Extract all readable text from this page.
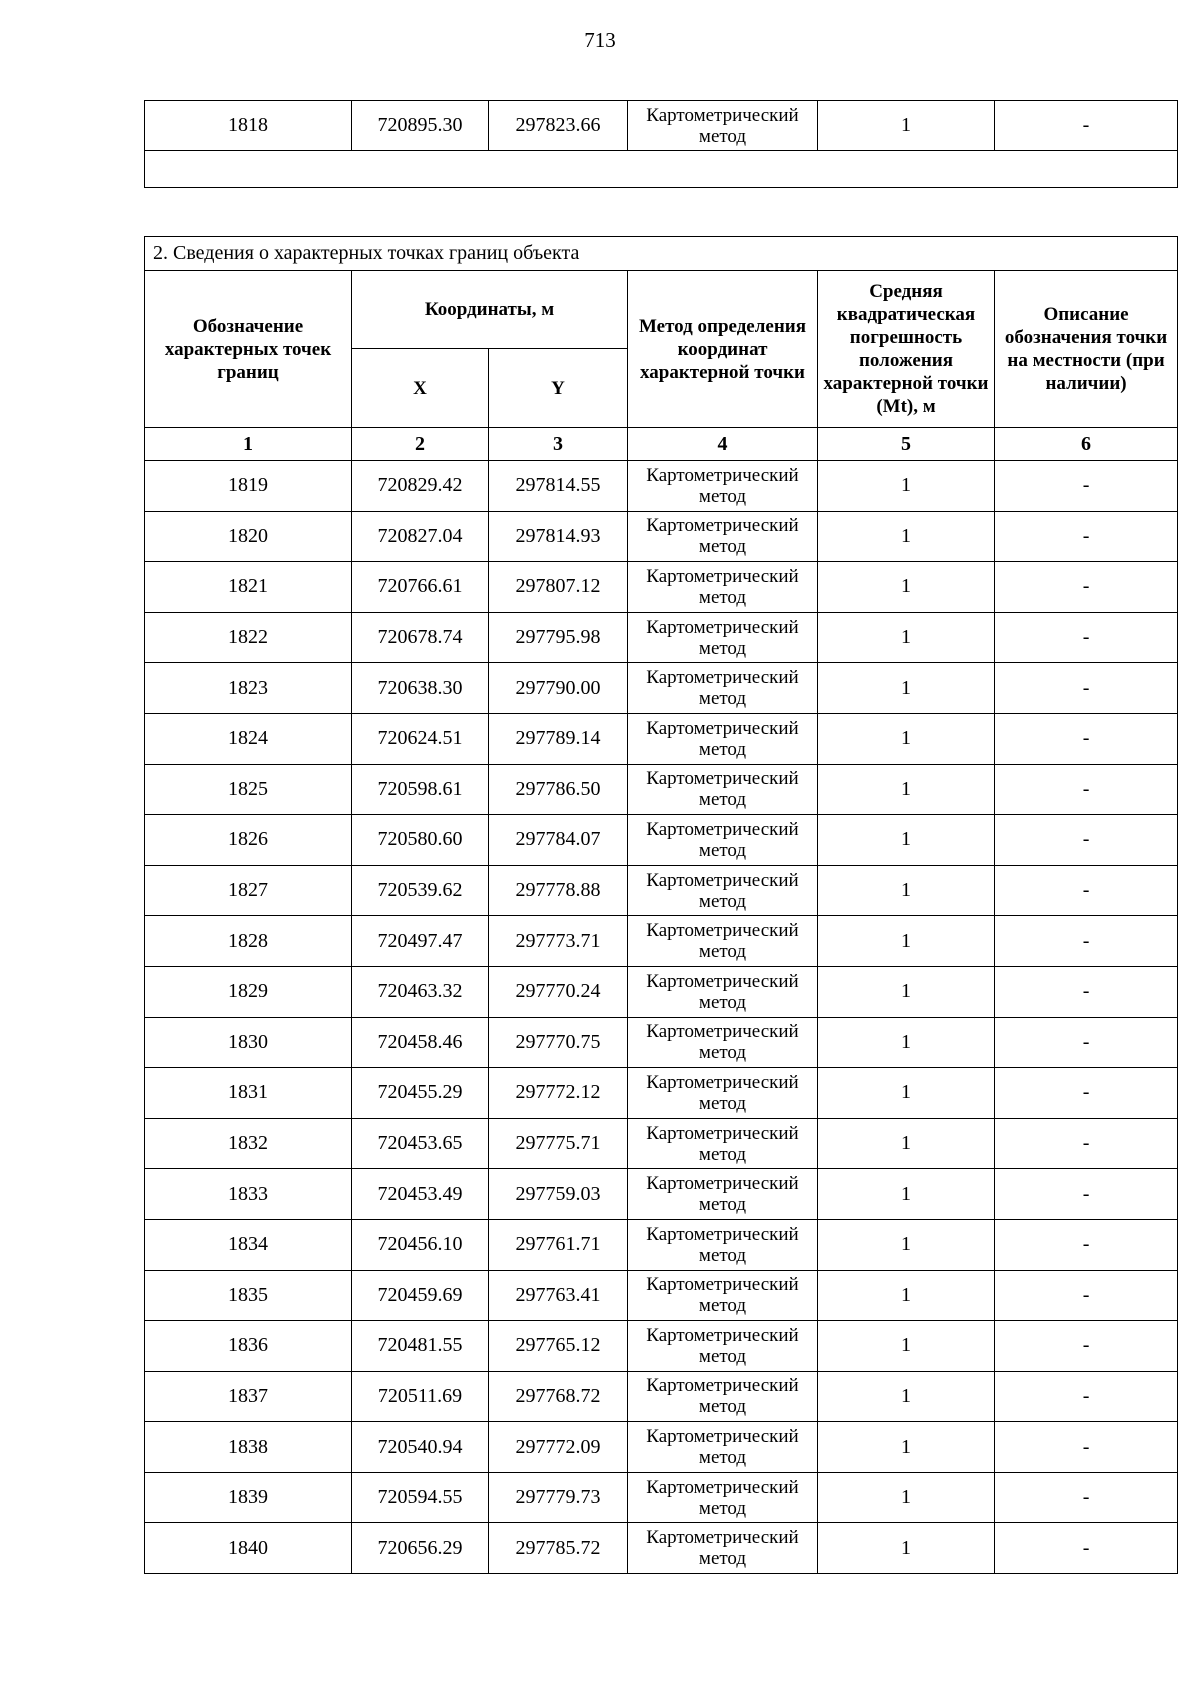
713
1818	720895.30	297823.66	Картометрический метод	1	-

2. Сведения о характерных точках границ объекта					
Обозначение характерных точек границ	Координаты, м		Метод определения координат характерной точки	Средняя квадратическая погрешность положения характерной точки (Mt), м	Описание обозначения точки на местности (при наличии)
	X	Y			
1	2	3	4	5	6
1819	720829.42	297814.55	Картометрический метод	1	-
1820	720827.04	297814.93	Картометрический метод	1	-
1821	720766.61	297807.12	Картометрический метод	1	-
1822	720678.74	297795.98	Картометрический метод	1	-
1823	720638.30	297790.00	Картометрический метод	1	-
1824	720624.51	297789.14	Картометрический метод	1	-
1825	720598.61	297786.50	Картометрический метод	1	-
1826	720580.60	297784.07	Картометрический метод	1	-
1827	720539.62	297778.88	Картометрический метод	1	-
1828	720497.47	297773.71	Картометрический метод	1	-
1829	720463.32	297770.24	Картометрический метод	1	-
1830	720458.46	297770.75	Картометрический метод	1	-
1831	720455.29	297772.12	Картометрический метод	1	-
1832	720453.65	297775.71	Картометрический метод	1	-
1833	720453.49	297759.03	Картометрический метод	1	-
1834	720456.10	297761.71	Картометрический метод	1	-
1835	720459.69	297763.41	Картометрический метод	1	-
1836	720481.55	297765.12	Картометрический метод	1	-
1837	720511.69	297768.72	Картометрический метод	1	-
1838	720540.94	297772.09	Картометрический метод	1	-
1839	720594.55	297779.73	Картометрический метод	1	-
1840	720656.29	297785.72	Картометрический метод	1	-
